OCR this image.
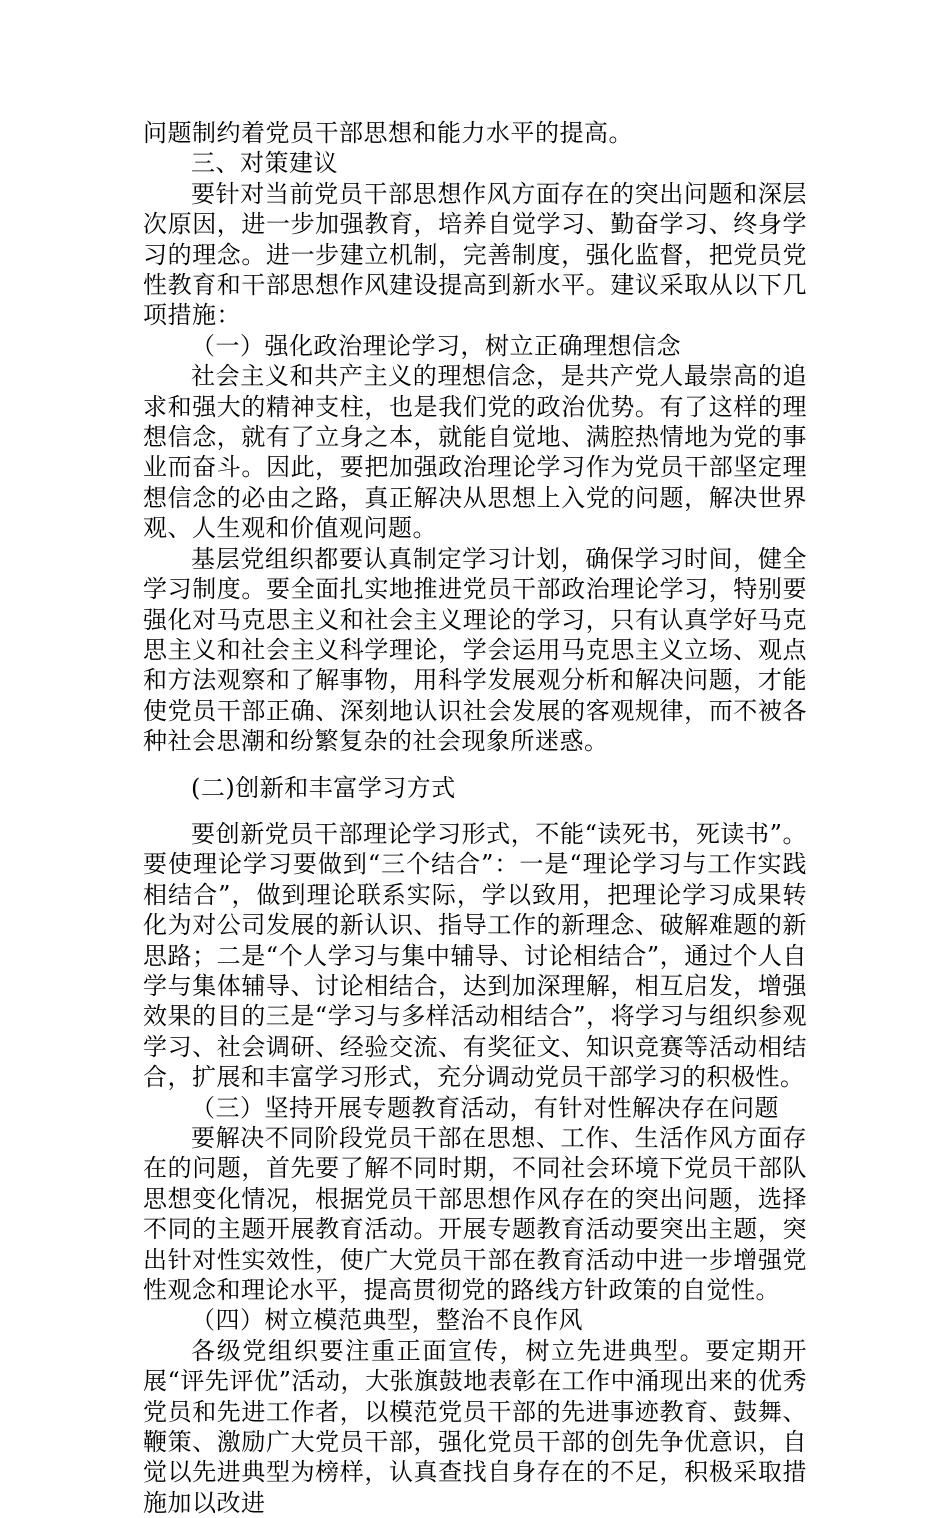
问题制约着党员干部思想和能力水平的提高。

三、对策建议

要针对当前党员干部思想作风方面存在的突出问题和深层次原因，进一步加强教育，培养自觉学习、勤奋学习、终身学习的理念。进一步建立机制，完善制度，强化监督，把党员党性教育和干部思想作风建设提高到新水平。建议采取从以下几项措施：

（一）强化政治理论学习，树立正确理想信念

社会主义和共产主义的理想信念，是共产党人最崇高的追求和强大的精神支柱，也是我们党的政治优势。有了这样的理想信念，就有了立身之本，就能自觉地、满腔热情地为党的事业而奋斗。因此，要把加强政治理论学习作为党员干部坚定理想信念的必由之路，真正解决从思想上入党的问题，解决世界观、人生观和价值观问题。

基层党组织都要认真制定学习计划，确保学习时间，健全学习制度。要全面扎实地推进党员干部政治理论学习，特别要强化对马克思主义和社会主义理论的学习，只有认真学好马克思主义和社会主义科学理论，学会运用马克思主义立场、观点和方法观察和了解事物，用科学发展观分析和解决问题，才能使党员干部正确、深刻地认识社会发展的客观规律，而不被各种社会思潮和纷繁复杂的社会现象所迷惑。

(二)创新和丰富学习方式

要创新党员干部理论学习形式，不能“读死书，死读书”。要使理论学习要做到“三个结合”：一是“理论学习与工作实践相结合”，做到理论联系实际，学以致用，把理论学习成果转化为对公司发展的新认识、指导工作的新理念、破解难题的新思路；二是“个人学习与集中辅导、讨论相结合”，通过个人自学与集体辅导、讨论相结合，达到加深理解，相互启发，增强效果的目的三是“学习与多样活动相结合”，将学习与组织参观学习、社会调研、经验交流、有奖征文、知识竞赛等活动相结合，扩展和丰富学习形式，充分调动党员干部学习的积极性。

（三）坚持开展专题教育活动，有针对性解决存在问题

要解决不同阶段党员干部在思想、工作、生活作风方面存在的问题，首先要了解不同时期，不同社会环境下党员干部队思想变化情况，根据党员干部思想作风存在的突出问题，选择不同的主题开展教育活动。开展专题教育活动要突出主题，突出针对性实效性，使广大党员干部在教育活动中进一步增强党性观念和理论水平，提高贯彻党的路线方针政策的自觉性。

（四）树立模范典型，整治不良作风

各级党组织要注重正面宣传，树立先进典型。要定期开展“评先评优”活动，大张旗鼓地表彰在工作中涌现出来的优秀党员和先进工作者，以模范党员干部的先进事迹教育、鼓舞、鞭策、激励广大党员干部，强化党员干部的创先争优意识，自觉以先进典型为榜样，认真查找自身存在的不足，积极采取措施加以改进
